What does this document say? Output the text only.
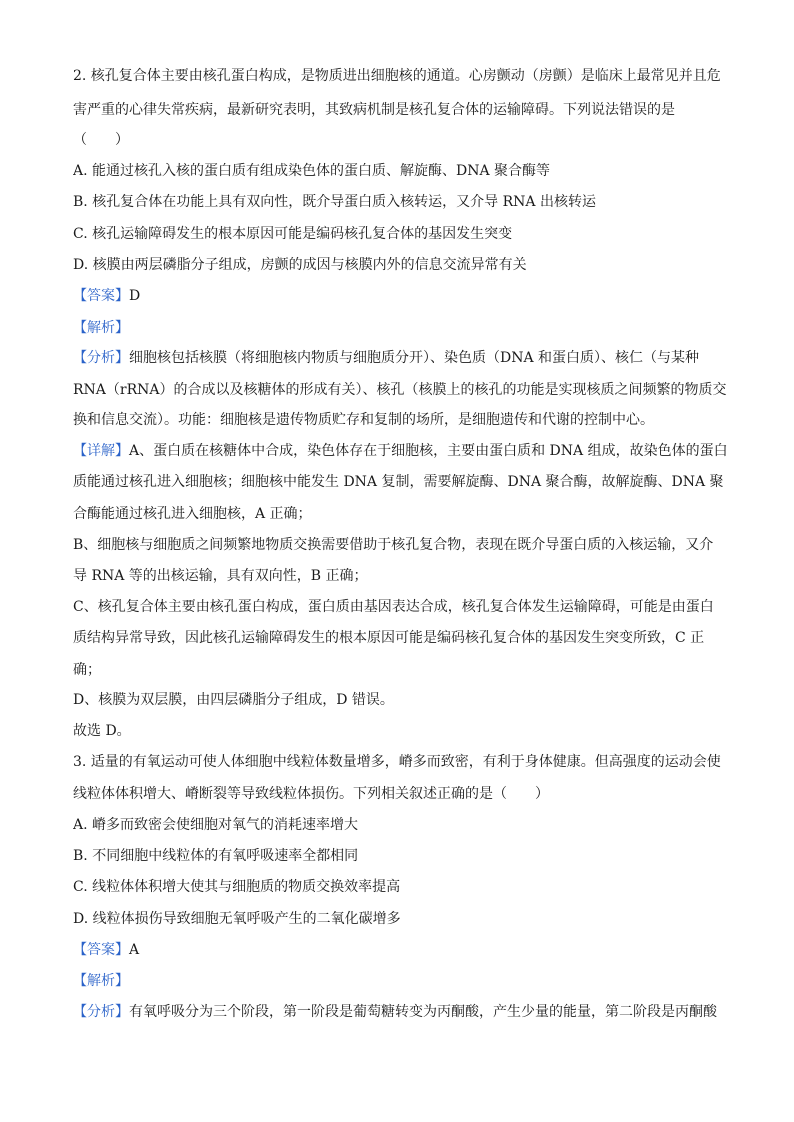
2. 核孔复合体主要由核孔蛋白构成，是物质进出细胞核的通道。心房颤动（房颤）是临床上最常见并且危
害严重的心律失常疾病，最新研究表明，其致病机制是核孔复合体的运输障碍。下列说法错误的是
（　　）
A. 能通过核孔入核的蛋白质有组成染色体的蛋白质、解旋酶、DNA 聚合酶等
B. 核孔复合体在功能上具有双向性，既介导蛋白质入核转运，又介导 RNA 出核转运
C. 核孔运输障碍发生的根本原因可能是编码核孔复合体的基因发生突变
D. 核膜由两层磷脂分子组成，房颤的成因与核膜内外的信息交流异常有关
【答案】D
【解析】
【分析】细胞核包括核膜（将细胞核内物质与细胞质分开）、染色质（DNA 和蛋白质）、核仁（与某种
RNA（rRNA）的合成以及核糖体的形成有关）、核孔（核膜上的核孔的功能是实现核质之间频繁的物质交
换和信息交流）。功能：细胞核是遗传物质贮存和复制的场所，是细胞遗传和代谢的控制中心。
【详解】A、蛋白质在核糖体中合成，染色体存在于细胞核，主要由蛋白质和 DNA 组成，故染色体的蛋白
质能通过核孔进入细胞核；细胞核中能发生 DNA 复制，需要解旋酶、DNA 聚合酶，故解旋酶、DNA 聚
合酶能通过核孔进入细胞核，A 正确；
B、细胞核与细胞质之间频繁地物质交换需要借助于核孔复合物，表现在既介导蛋白质的入核运输，又介
导 RNA 等的出核运输，具有双向性，B 正确；
C、核孔复合体主要由核孔蛋白构成，蛋白质由基因表达合成，核孔复合体发生运输障碍，可能是由蛋白
质结构异常导致，因此核孔运输障碍发生的根本原因可能是编码核孔复合体的基因发生突变所致，C 正
确；
D、核膜为双层膜，由四层磷脂分子组成，D 错误。
故选 D。
3. 适量的有氧运动可使人体细胞中线粒体数量增多，嵴多而致密，有利于身体健康。但高强度的运动会使
线粒体体积增大、嵴断裂等导致线粒体损伤。下列相关叙述正确的是（　　）
A. 嵴多而致密会使细胞对氧气的消耗速率增大
B. 不同细胞中线粒体的有氧呼吸速率全都相同
C. 线粒体体积增大使其与细胞质的物质交换效率提高
D. 线粒体损伤导致细胞无氧呼吸产生的二氧化碳增多
【答案】A
【解析】
【分析】有氧呼吸分为三个阶段，第一阶段是葡萄糖转变为丙酮酸，产生少量的能量，第二阶段是丙酮酸
